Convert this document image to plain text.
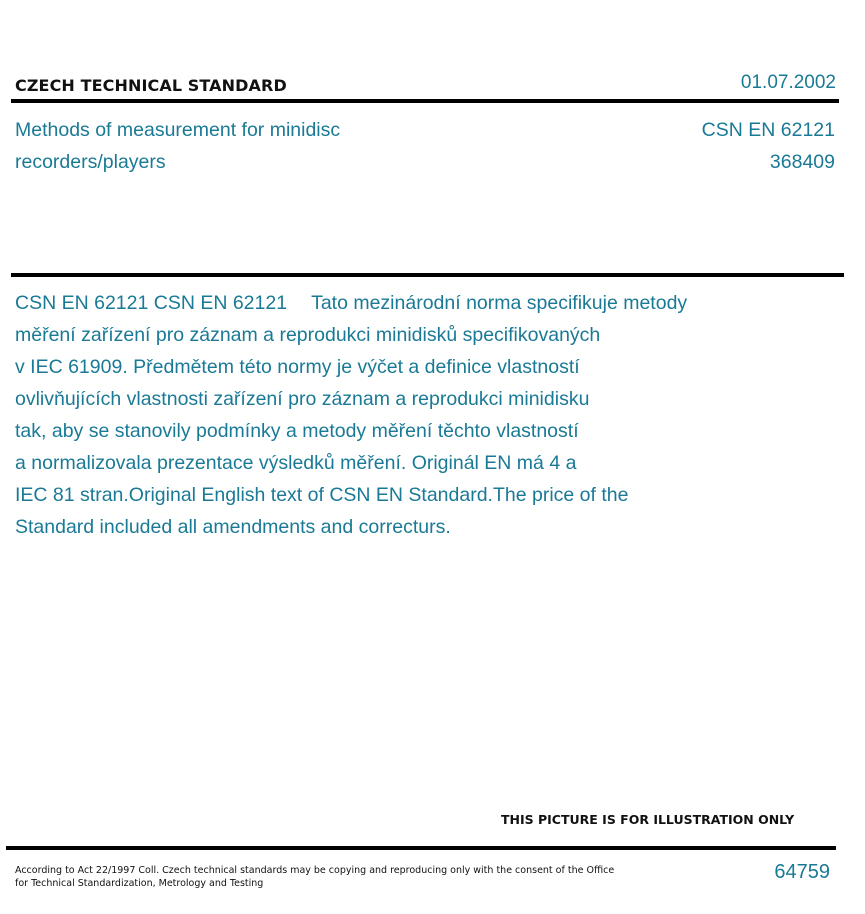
CZECH TECHNICAL STANDARD	01.07.2002
Methods of measurement for minidisc
recorders/players
CSN EN 62121
368409
CSN EN 62121 CSN EN 62121 Tato mezinárodní norma specifikuje metody
měření zařízení pro záznam a reprodukci minidisků specifikovaných
v IEC 61909. Předmětem této normy je výčet a definice vlastností
ovlivňujících vlastnosti zařízení pro záznam a reprodukci minidisku
tak, aby se stanovily podmínky a metody měření těchto vlastností
a normalizovala prezentace výsledků měření. Originál EN má 4 a
IEC 81 stran.Original English text of CSN EN Standard.The price of the
Standard included all amendments and correcturs.
THIS PICTURE IS FOR ILLUSTRATION ONLY
According to Act 22/1997 Coll. Czech technical standards may be copying and reproducing only with the consent of the Office
for Technical Standardization, Metrology and Testing
64759
